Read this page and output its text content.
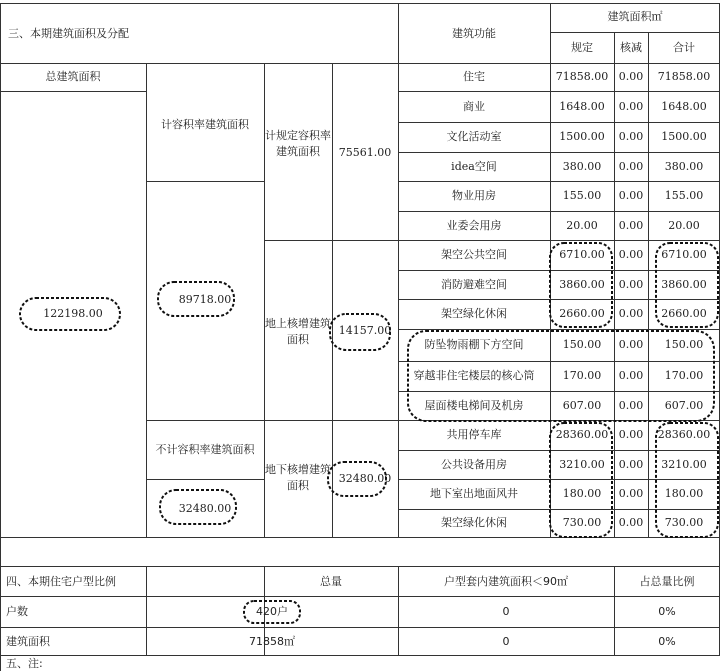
三、本期建筑面积及分配	建筑功能
建筑面积㎡
规定	核减	合计
总建筑面积
122198.00
计容积率建筑面积
89718.00
计规定容积率建筑面积	75561.00
地上核增建筑面积
14157.00
不计容积率建筑面积
32480.00
地下核增建筑面积
32480.00
住宅	71858.00 0.00	71858.00
商业	1648.00	0.00	1648.00
文化活动室	1500.00	0.00	1500.00
idea空间	380.00	0.00	380.00
物业用房	155.00	0.00	155.00
业委会用房	20.00	0.00	20.00
架空公共空间	6710.00	0.00	6710.00
消防避难空间	3860.00	0.00	3860.00
架空绿化休闲	2660.00	0.00	2660.00
防坠物雨棚下方空间	150.00	0.00	150.00
穿越非住宅楼层的核心筒	170.00	0.00	170.00
屋面楼电梯间及机房	607.00	0.00	607.00
共用停车库	28360.00 0.00	28360.00
公共设备用房	3210.00	0.00	3210.00
地下室出地面风井	180.00	0.00	180.00
架空绿化休闲	730.00	0.00	730.00
四、本期住宅户型比例	总量	户型套内建筑面积＜90㎡	占总量比例
户数	420户	0	0%
建筑面积	71858㎡	0	0%
五、注:
